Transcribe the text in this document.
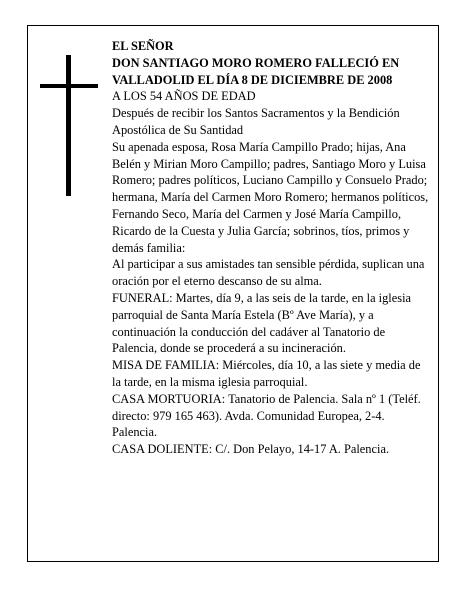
EL SEÑOR

DON SANTIAGO MORO ROMERO FALLECIÓ EN VALLADOLID EL DÍA 8 DE DICIEMBRE DE 2008

A LOS 54 AÑOS DE EDAD

Después de recibir los Santos Sacramentos y la Bendición Apostólica de Su Santidad

Su apenada esposa, Rosa María Campillo Prado; hijas, Ana Belén y Mirian Moro Campillo; padres, Santiago Moro y Luisa Romero; padres políticos, Luciano Campillo y Consuelo Prado; hermana, María del Carmen Moro Romero; hermanos políticos, Fernando Seco, María del Carmen y José María Campillo, Ricardo de la Cuesta y Julia García; sobrinos, tíos, primos y demás familia:

Al participar a sus amistades tan sensible pérdida, suplican una oración por el eterno descanso de su alma.

FUNERAL: Martes, día 9, a las seis de la tarde, en la iglesia parroquial de Santa María Estela (Bº Ave María), y a continuación la conducción del cadáver al Tanatorio de Palencia, donde se procederá a su incineración.

MISA DE FAMILIA: Miércoles, día 10, a las siete y media de la tarde, en la misma iglesia parroquial.

CASA MORTUORIA: Tanatorio de Palencia. Sala nº 1 (Teléf. directo: 979 165 463). Avda. Comunidad Europea, 2-4. Palencia.

CASA DOLIENTE: C/. Don Pelayo, 14-17 A. Palencia.
